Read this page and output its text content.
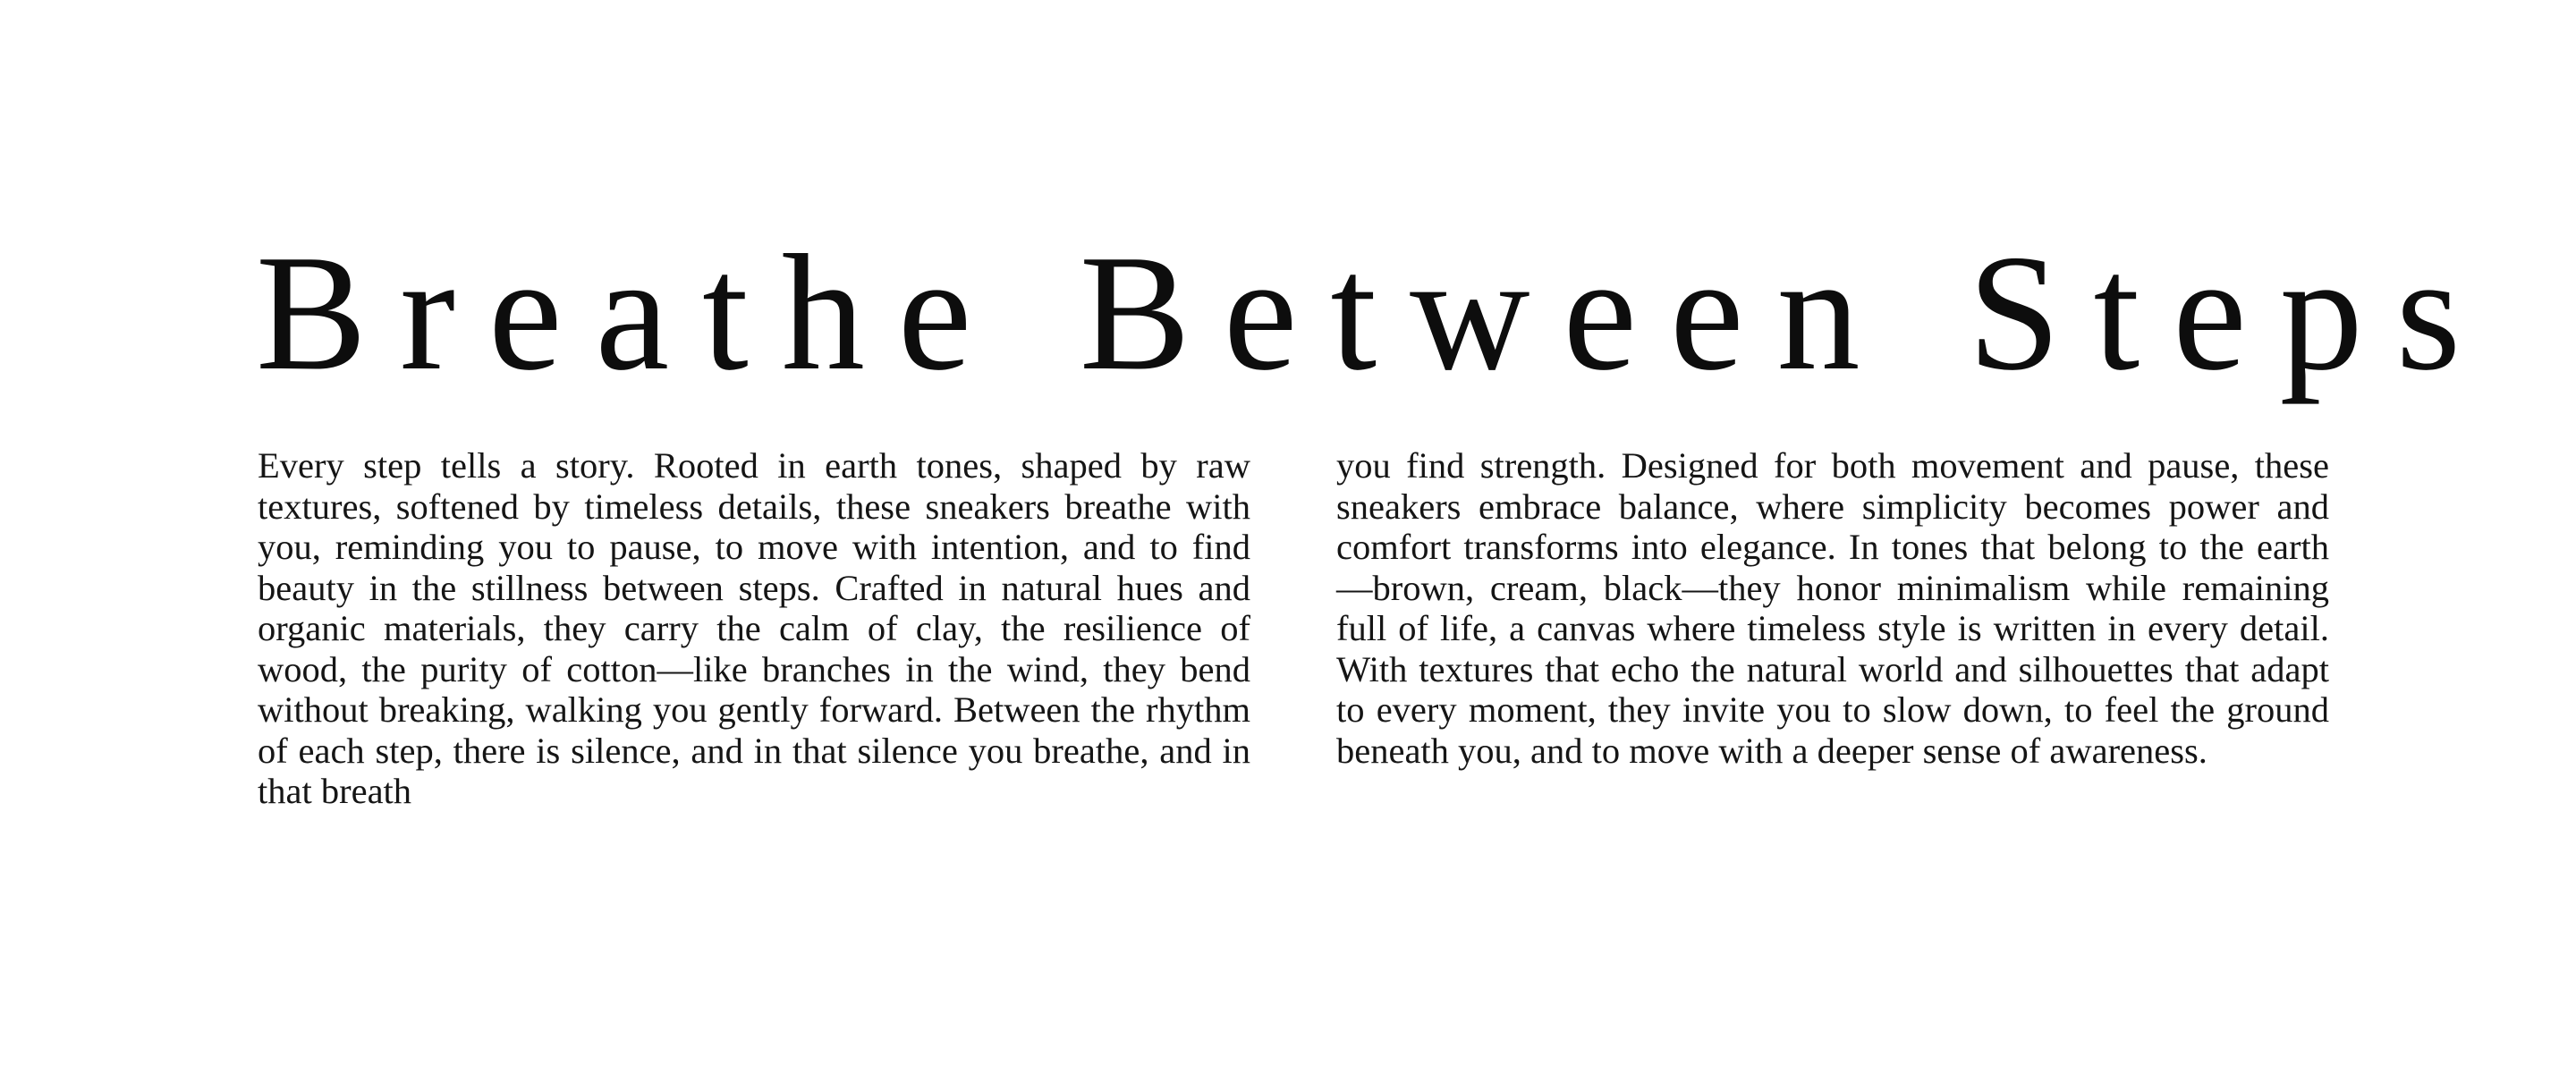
Breathe Between Steps

Every step tells a story. Rooted in earth tones, shaped by raw textures, softened by timeless details, these sneakers breathe with you, reminding you to pause, to move with intention, and to find beauty in the stillness between steps. Crafted in natural hues and organic materials, they carry the calm of clay, the resilience of wood, the purity of cotton—like branches in the wind, they bend without breaking, walking you gently forward. Between the rhythm of each step, there is silence, and in that silence you breathe, and in that breath

you find strength. Designed for both movement and pause, these sneakers embrace balance, where simplicity becomes power and comfort transforms into elegance. In tones that belong to the earth—brown, cream, black—they honor minimalism while remaining full of life, a canvas where timeless style is written in every detail. With textures that echo the natural world and silhouettes that adapt to every moment, they invite you to slow down, to feel the ground beneath you, and to move with a deeper sense of awareness.
